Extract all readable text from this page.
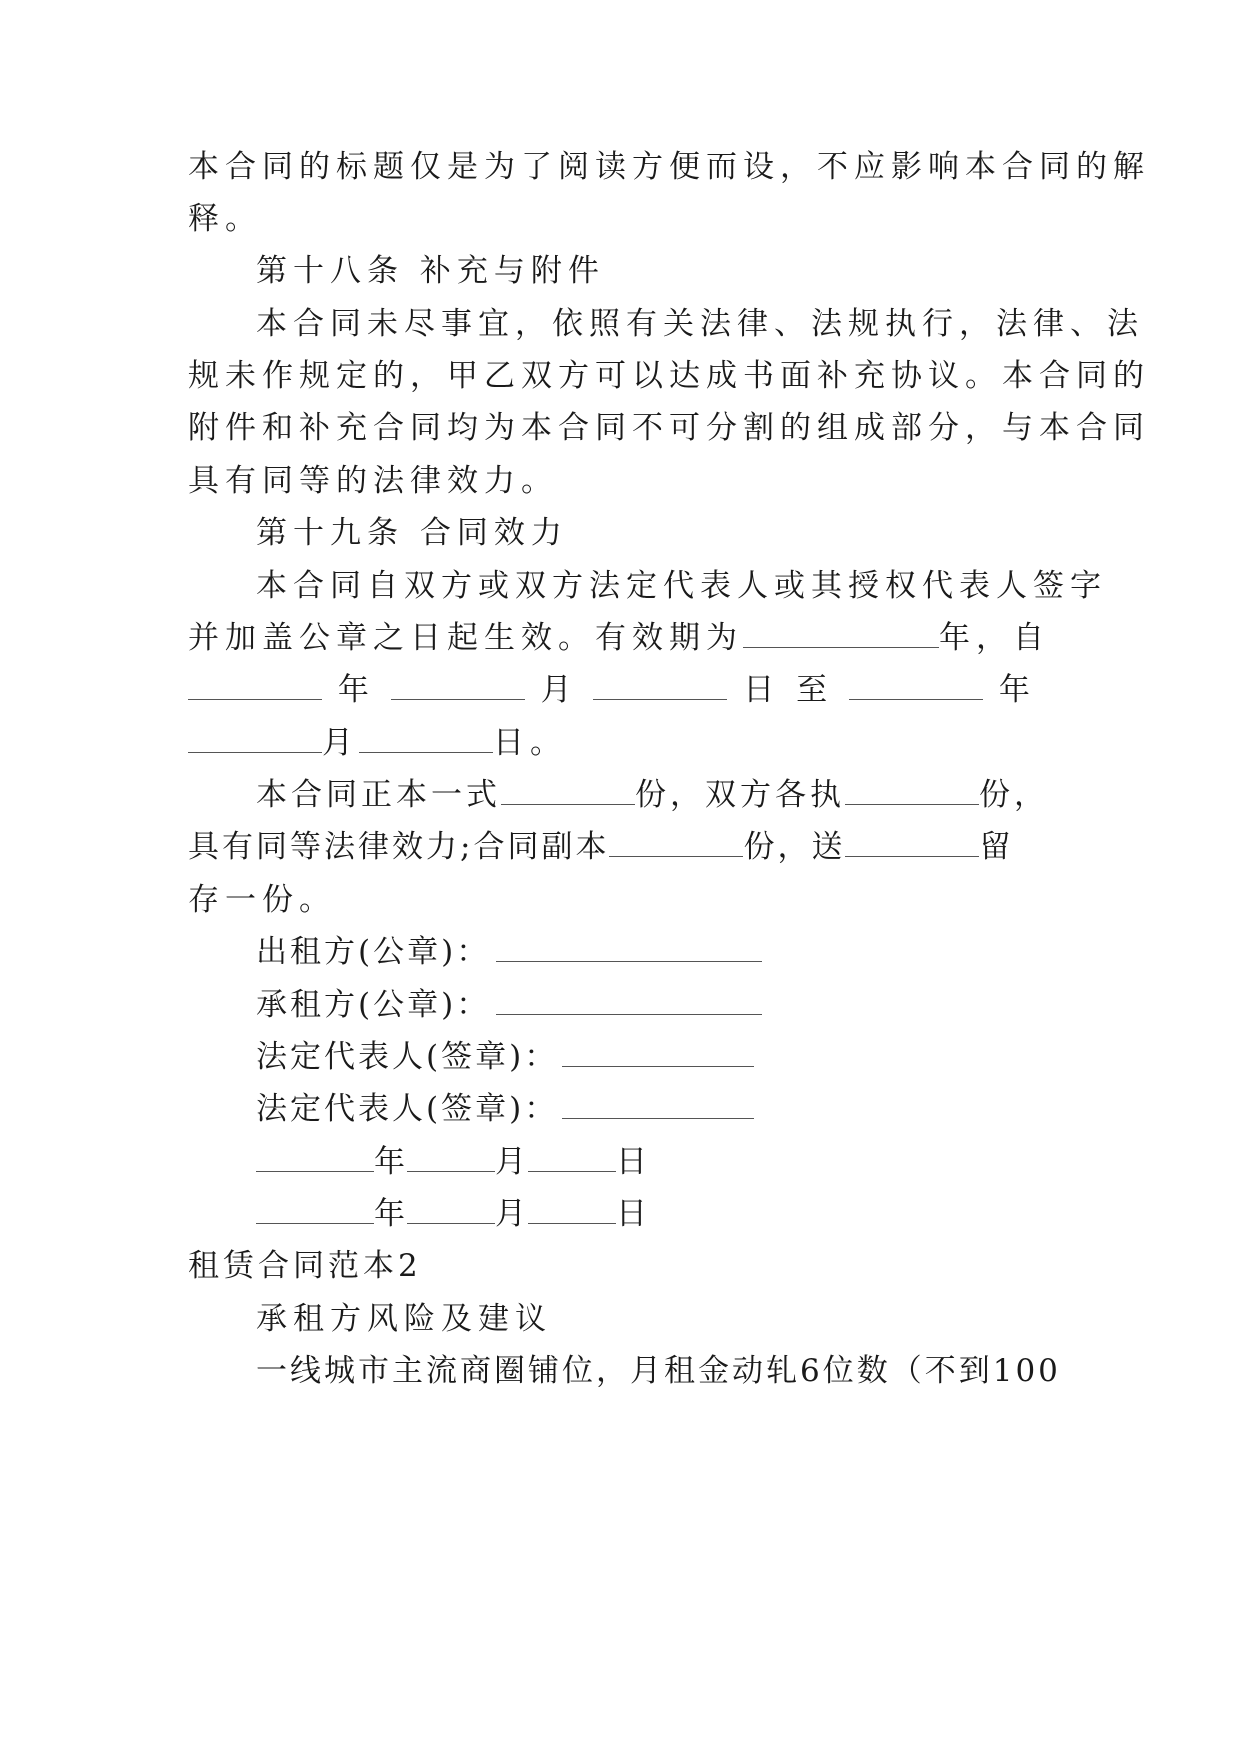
本合同的标题仅是为了阅读方便而设，不应影响本合同的解
释。
第十八条 补充与附件
本合同未尽事宜，依照有关法律、法规执行，法律、法
规未作规定的，甲乙双方可以达成书面补充协议。本合同的
附件和补充合同均为本合同不可分割的组成部分，与本合同
具有同等的法律效力。
第十九条 合同效力
本合同自双方或双方法定代表人或其授权代表人签字
并加盖公章之日起生效。有效期为	年，自
年	月	日 至	年
月	日。
本合同正本一式	份，双方各执	份，
具有同等法律效力;合同副本	份，送	留
存一份。
出租方(公章)：
承租方(公章)：
法定代表人(签章)：
法定代表人(签章)：
年	月	日
年	月	日
租赁合同范本2
承租方风险及建议
一线城市主流商圈铺位，月租金动轧6位数（不到100
